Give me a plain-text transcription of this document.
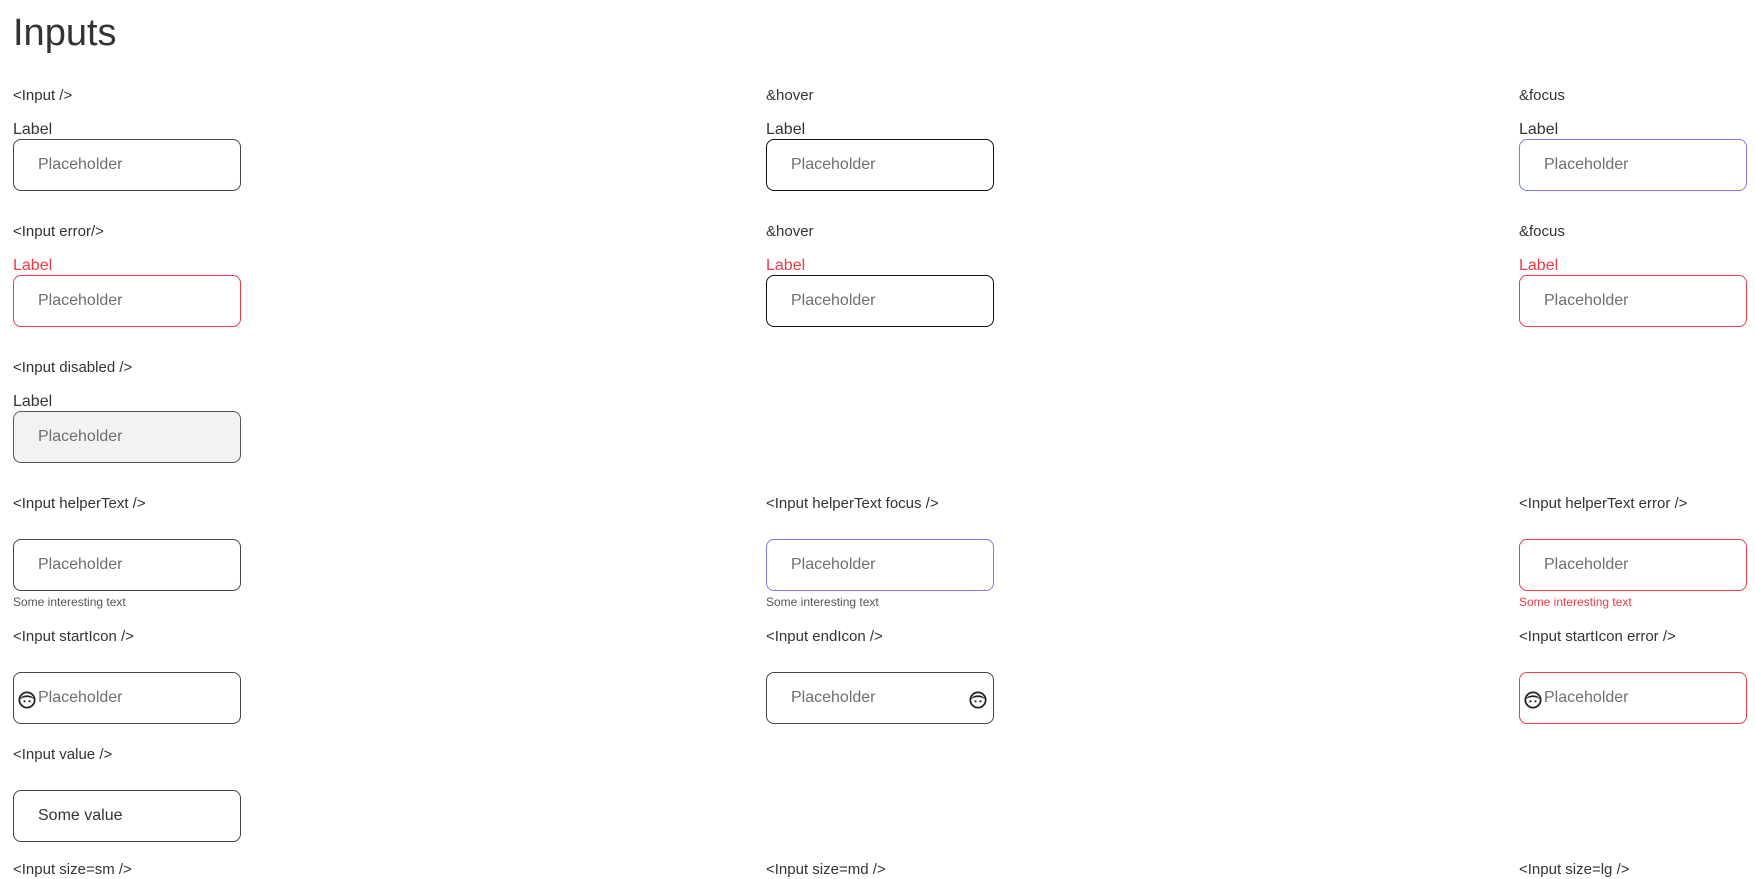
Inputs
<Input />
Label
Placeholder
&hover
Label
Placeholder
&focus
Label
Placeholder
<Input error/>
Label
Placeholder
&hover
Label
Placeholder
&focus
Label
Placeholder
<Input disabled />
Label
Placeholder
<Input helperText />
Placeholder
Some interesting text
<Input helperText focus />
Placeholder
Some interesting text
<Input helperText error />
Placeholder
Some interesting text
<Input startIcon />
Placeholder
<Input endIcon />
Placeholder
<Input startIcon error />
Placeholder
<Input value />
Some value
<Input size=sm />	<Input size=md />	<Input size=lg />
